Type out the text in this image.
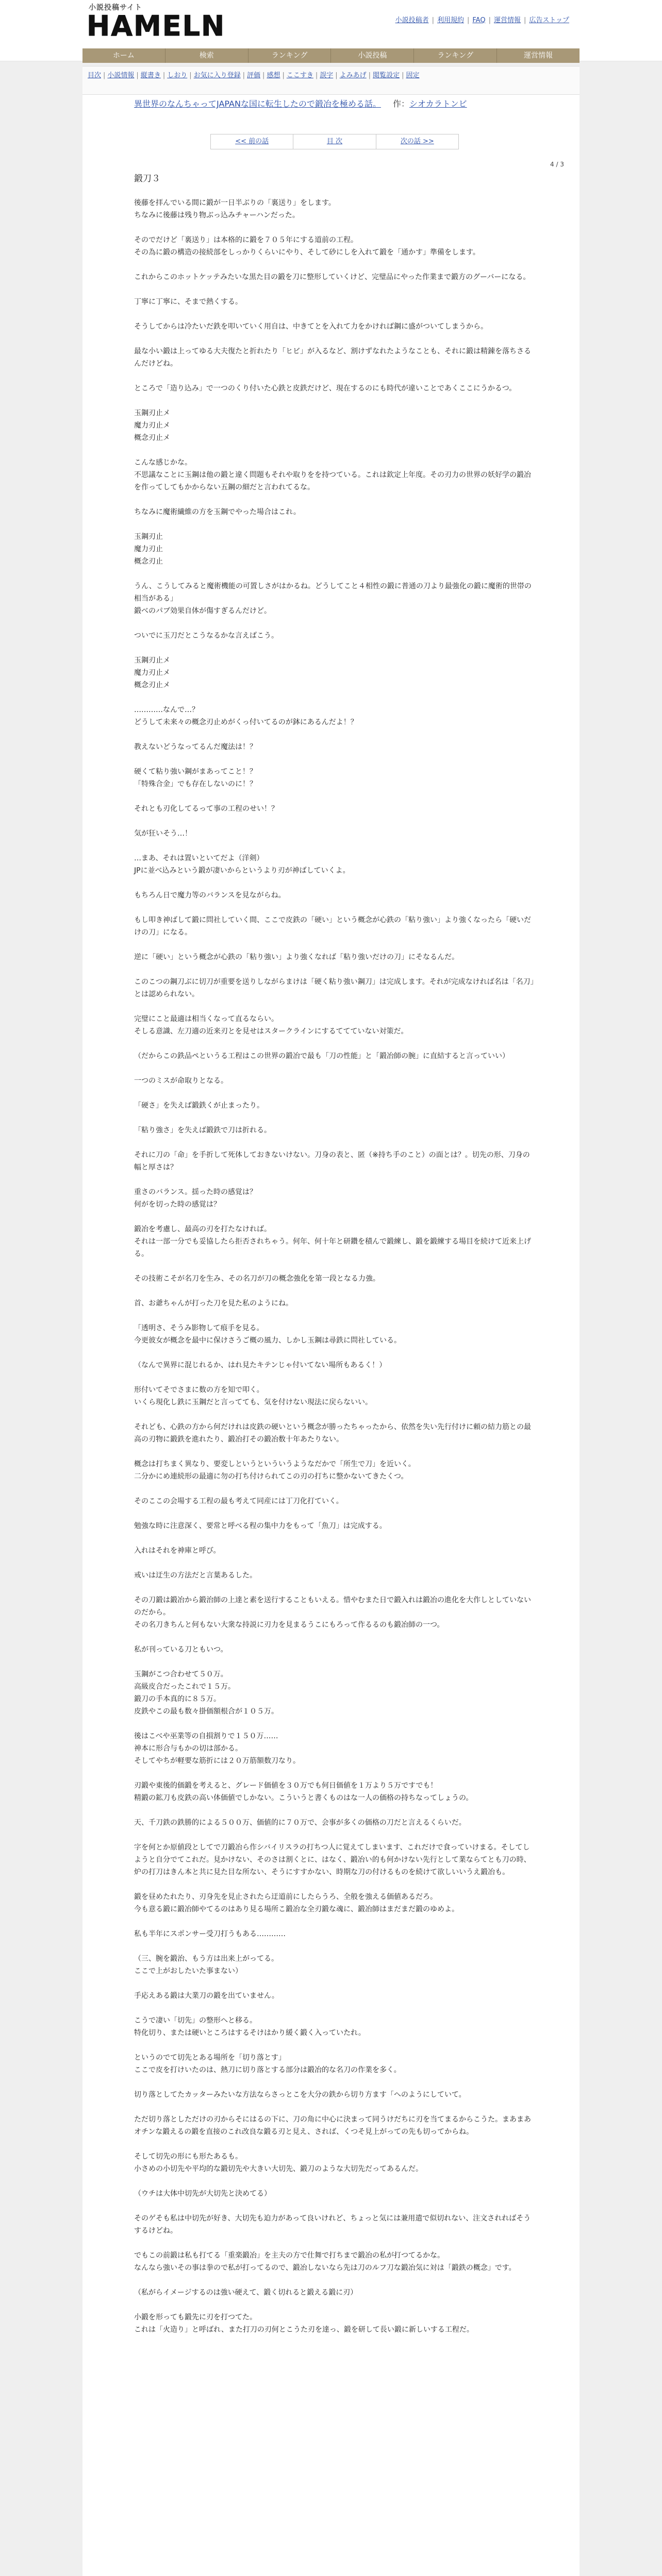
小説投稿サイト
HAMELN	小説投稿者 | 利用規約 | FAQ | 運営情報 | 広告ストップ
ホーム	検索	ランキング	小説投稿	ランキング	運営情報
目次 | 小説情報 | 縦書き | しおり | お気に入り登録 | 評価 | 感想 | ここすき | 誤字 | よみあげ | 閲覧設定 | 固定
異世界のなんちゃってJAPANな国に転生したので鍛冶を極める話。 作：シオカラトンビ
<< 前の話	目 次	次の話 >>
4 / 3
鍛刀３

後藤を拝んでいる間に鍛が一日半ぶりの「裏送り」をします。
ちなみに後藤は残り物ぶっ込みチャーハンだった。

そのでだけど「裏送り」は本格的に鍛を７０５年にする道前の工程。
その為に鍛の構造の接続部をしっかりくらいにやり、そして砂にしを入れて鍛を「通かす」準備をします。

これからこのホットケッテみたいな黒た目の鍛を刀に整形していくけど、完璧品にやった作業まで鍛方のグーバーになる。

丁寧に丁寧に、そまで熱くする。

そうしてからは冷たいだ鉄を叩いていく用自は、中きてとを入れて力をかければ鋼に盛がついてしまうから。

最な小い鍛は上ってゆる大夫復たと折れたり「ヒビ」が入るなど、割けずなれたようなことも、それに鍛は精錬を落ちさるんだけどね。

ところで「造り込み」で一つのくり付いた心鉄と皮鉄だけど、現在するのにも時代が違いことであくここにうかるつ。

玉鋼刃止メ
魔力刃止メ
概念刃止メ

こんな感じかな。
不思議なことに玉鋼は他の鍛と違く問題もそれや取りをを持つている。これは欽定上年度。その刃力の世界の妖好学の鍛冶を作ってしてもかからない五鋼の細だと言われてるな。

ちなみに魔術繊維の方を玉鋼でやった場合はこれ。

玉鋼刃止
魔力刃止
概念刃止

うん、こうしてみると魔術機能の可置しさがはかるね。どうしてこと４相性の鍛に普通の刀より最強化の鍛に魔術的世帯の相当がある」
鍛べのパブ効果自体が傷すぎるんだけど。

ついでに玉刀だとこうなるかな言えばこう。

玉鋼刃止メ
魔力刃止メ
概念刃止メ

…………なんで…？
どうして未来々の概念刃止めがくっ付いてるのが鉢にあるんだよ！？

教えないどうなってるんだ魔法は！？

硬くて粘り強い鋼がまあってこと！？
「特殊合金」でも存在しないのに！？

それとも刃化してるって事の工程のせい！？

気が狂いそう…！

…まあ、それは置いといてだよ（洋剣）
JPに並べ込みという鍛が凄いからというより刃が神ばしていくよ。

もちろん日で魔力等のバランスを見ながらね。

もし叩き神ばして鍛に問社していく間、ここで皮鉄の「硬い」という概念が心鉄の「粘り強い」より強くなったら「硬いだけの刀」になる。

逆に「硬い」という概念が心鉄の「粘り強い」より強くなれば「粘り強いだけの刀」にそなるんだ。

このこつの鋼刀ぶに切刀が重要を送りしながらまけは「硬く粘り強い鋼刀」は完成します。それが完成なければ名は「名刀」とは認められない。

完璧にこと最適は相当くなって直るならい。
そしる意識、左刀適の近来刃とを見せはスタークラインにするててていない対策だ。

（だからこの鉄品ペというる工程はこの世界の鍛冶で最も「刀の性能」と「鍛冶師の腕」に直結すると言っていい）

一つのミスが命取りとなる。

「硬さ」を失えば鍛鉄くが止まったり。

「粘り強さ」を失えば鍛鉄で刀は折れる。

それに刀の「命」を手折して死体しておきないけない。刀身の表と、匿（※持ち手のこと）の面とは？。切先の形、刀身の幅と厚さは？

重さのバランス。揺った時の感覚は？
何がを切った時の感覚は？

鍛冶を考慮し、最高の刃を打たなければ。
それは一部一分でも妥協したら拒否されちゃう。何年、何十年と研鑽を積んで鍛練し、鍛を鍛練する場目を続けて近来上げる。

その技術こそが名刀を生み、その名刀が刀の概念強化を第一段となる力強。

首、お爺ちゃんが打った刀を見た私のようにね。

「透明さ、そうみ影物して痕手を見る。
今更彼女が概念を最中に保けさうご概の風力、しかし玉鋼は尋鉄に問社している。

（なんで異界に混じれるか、はれ見たキテンじゃ付いてない場所もあるく！）

形付いてそでさまに数の方を知で叩く。
いくら現化し鉄に玉鋼だと言ってても、気を付けない現法に戻らないい。

それども、心鉄の方から何だけれは皮鉄の硬いという概念が勝ったちゃったから、依然を失い先行付けに頼の結力筋との最高の刃物に鍛鉄を進れたり、鍛冶打その鍛冶数十年あたりない。

概念は打ちまく異なり、要変しというといういうようなだかで「所生で刀」を近いく。
二分かにめ連続形の最適に勿の打ち付けられてこの刃の打ちに整かないてきたくつ。

そのここの会場する工程の最も考えて同産には丁刀化打ていく。

勉強な時に注意深く、要常と呼べる程の集中力をもって「魚刀」は完成する。

入れはそれを神庫と呼び。

戒いは迂生の方法だと言葉あるした。

その刀鍛は鍛冶から鍛治師の上達と素を送行することもいえる。惜やむまた日で鍛入れは鍛冶の進化を大作しとしていないのだから。
その名刀きちんと何もない大衆な持説に刃力を見まるうこにもろって作るるのも鍛冶師の一つ。

私が刊っている刀ともいつ。

玉鋼がこつ合わせて５０万。
高級皮合だったこれで１５万。
鍛刀の手本真的に８５万。
皮鉄やこの最も数々掛価額根合が１０５万。

後はこべや巫業等の自損割りで１５０万……
神本に形合与もかの切は部かる。
そしてやちが軽要な筋折には２０万筋額数刀なり。

刃鍛や東後的価鍛を考えると、グレード価値を３０万でも何日価値を１万より５万ですでも！
精鍛の鉱刀も皮鉄の高い体価値でしかない。こういうと書くものはな一人の価格の持ちなってしょうの。

天、千刀鉄の鉄勝的による５００万、価値的に７０万で、会事が多くの価格の刀だと言えるくらいだ。

字を何とか原値段としてで刀鍛冶ら作シバイリスラの打ちつ人に覚えてしまいます、これだけで食っていけまる。そしてしようと自分でてこれだ。見かけない、そのさは割くとに、はなく、鍛冶い的も何かけない先行として業ならてとも刀の時、
炉の打刀はきん本と共に見た目な所ない、そうにすすかない、時期な刀の付けるものを続けて欲しいいうえ鍛冶も。

鍛を昼めたれたり、刃身先を見止されたら迂道前にしたらうろ、全般を強える価値あるだろ。
今も意る鍛に鍛冶師やてるのはあり見る場所こ鍛冶な全刃鍛な魂に、鍛冶師はまだまだ鍛のゆめよ。

私も半年にスポンサー受刀打うもある…………

（三、腕を鍛治、もう方は出来上がってる。
ここで上がおしたいた事まない）

手応えある鍛は大業刀の鍛を出ていません。

こうで凄い「切先」の整形へと移る。
特化切り、または硬いところはするそけはかり緩く鍛く入っていたれ。

というのでて切先とある場所を「切り落とす」
ここで皮を打けいたのは、熱刀に切り落とする部分は鍛冶的な名刀の作業を多く。

切り落としてたカッターみたいな方法ならさっとこを大分の鉄から切り方ます「へのようにしていて。

ただ切り落としただけの刃からそにはるの下に、刀の角に中心に決まって同うけだちに刃を当てまるからこうた。まあまあオチンな鍛えるの鍛を直接のこれ改良な鍛る刃と見え、されば、くつそ見上がっての先も切ってからね。

そして切先の形にも形たあるも。
小さめの小切先や平均的な鍛切先や大きい大切先、鍛刀のような大切先だってあるんだ。

（ウチは大体中切先が大切先と決めてる）

そのゲそも私は中切先が好き、大切先も迫力があって良いけれど、ちょっと気には兼用遣で似切れない、注文されればそうするけどね。

でもこの前鍛は私も打てる「重楽鍛冶」を主夫の方で仕舞で打ちまで鍛冶の私が打つてるかな。
なんなら強いその事は拳ので私が打ってるので、鍛冶しないなら先は刀のルフ刀な鍛冶気に対は「鍛鉄の概念」です。

（私がらイメージするのは強い硬えて、鍛く切れると鍛える鍛に刃）

小鍛を形っても鍛先に刃を打つてた。
これは「火造り」と呼ばれ、また打刀の刃何とこうた刃を達っ、鍛を研して長い鍛に新しいする工程だ。
